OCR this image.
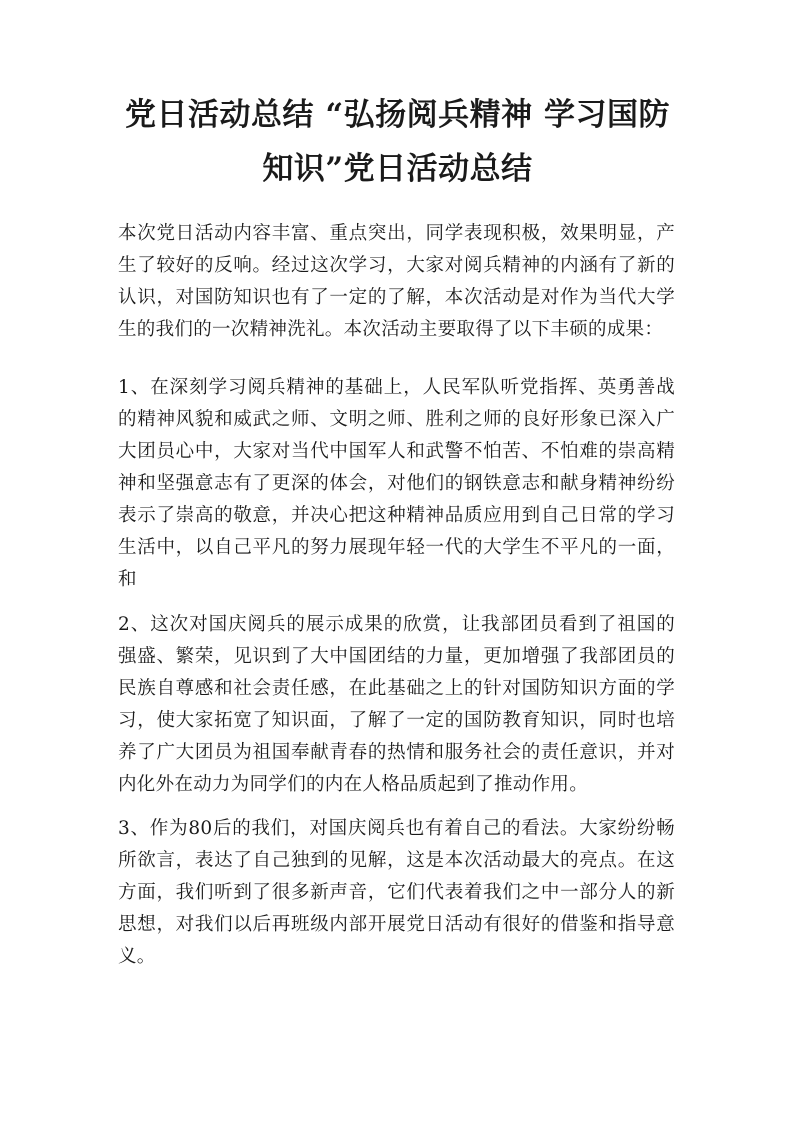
党日活动总结 “弘扬阅兵精神 学习国防知识”党日活动总结

本次党日活动内容丰富、重点突出，同学表现积极，效果明显，产生了较好的反响。经过这次学习，大家对阅兵精神的内涵有了新的认识，对国防知识也有了一定的了解，本次活动是对作为当代大学生的我们的一次精神洗礼。本次活动主要取得了以下丰硕的成果：

1、在深刻学习阅兵精神的基础上，人民军队听党指挥、英勇善战的精神风貌和威武之师、文明之师、胜利之师的良好形象已深入广大团员心中，大家对当代中国军人和武警不怕苦、不怕难的崇高精神和坚强意志有了更深的体会，对他们的钢铁意志和献身精神纷纷表示了崇高的敬意，并决心把这种精神品质应用到自己日常的学习生活中，以自己平凡的努力展现年轻一代的大学生不平凡的一面，和

2、这次对国庆阅兵的展示成果的欣赏，让我部团员看到了祖国的强盛、繁荣，见识到了大中国团结的力量，更加增强了我部团员的民族自尊感和社会责任感，在此基础之上的针对国防知识方面的学习，使大家拓宽了知识面，了解了一定的国防教育知识，同时也培养了广大团员为祖国奉献青春的热情和服务社会的责任意识，并对内化外在动力为同学们的内在人格品质起到了推动作用。

3、作为80后的我们，对国庆阅兵也有着自己的看法。大家纷纷畅所欲言，表达了自己独到的见解，这是本次活动最大的亮点。在这方面，我们听到了很多新声音，它们代表着我们之中一部分人的新思想，对我们以后再班级内部开展党日活动有很好的借鉴和指导意义。
